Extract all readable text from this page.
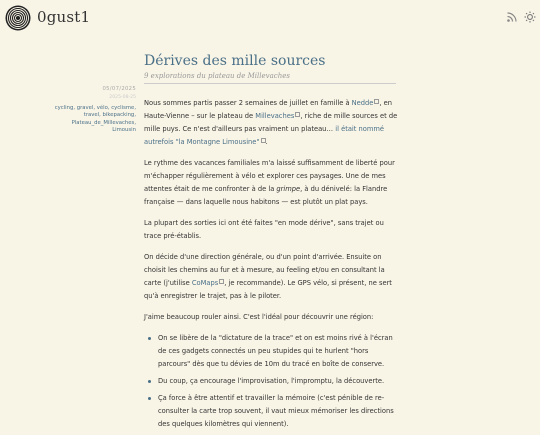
0gust1
05/07/2025
2025-08-25
cycling, gravel, vélo, cyclisme, travel, bikepacking,
Plateau_de_Millevaches,
Limousin
Dérives des mille sources
9 explorations du plateau de Millevaches

Nous sommes partis passer 2 semaines de juillet en famille à Nedde , en Haute-Vienne – sur le plateau de Millevaches , riche de mille sources et de mille puys. Ce n'est d'ailleurs pas vraiment un plateau… il était nommé autrefois "la Montagne Limousine" .

Le rythme des vacances familiales m'a laissé suffisamment de liberté pour m'échapper régulièrement à vélo et explorer ces paysages. Une de mes attentes était de me confronter à de la grimpe, à du dénivelé: la Flandre française — dans laquelle nous habitons — est plutôt un plat pays.

La plupart des sorties ici ont été faites "en mode dérive", sans trajet ou trace pré-établis.

On décide d'une direction générale, ou d'un point d'arrivée. Ensuite on choisit les chemins au fur et à mesure, au feeling et/ou en consultant la carte (j'utilise CoMaps , je recommande). Le GPS vélo, si présent, ne sert qu'à enregistrer le trajet, pas à le piloter.

J'aime beaucoup rouler ainsi. C'est l'idéal pour découvrir une région:

On se libère de la "dictature de la trace" et on est moins rivé à l'écran de ces gadgets connectés un peu stupides qui te hurlent "hors parcours" dès que tu dévies de 10m du tracé en boîte de conserve.
Du coup, ça encourage l'improvisation, l'impromptu, la découverte.
Ça force à être attentif et travailler la mémoire (c'est pénible de re-consulter la carte trop souvent, il vaut mieux mémoriser les directions des quelques kilomètres qui viennent).
